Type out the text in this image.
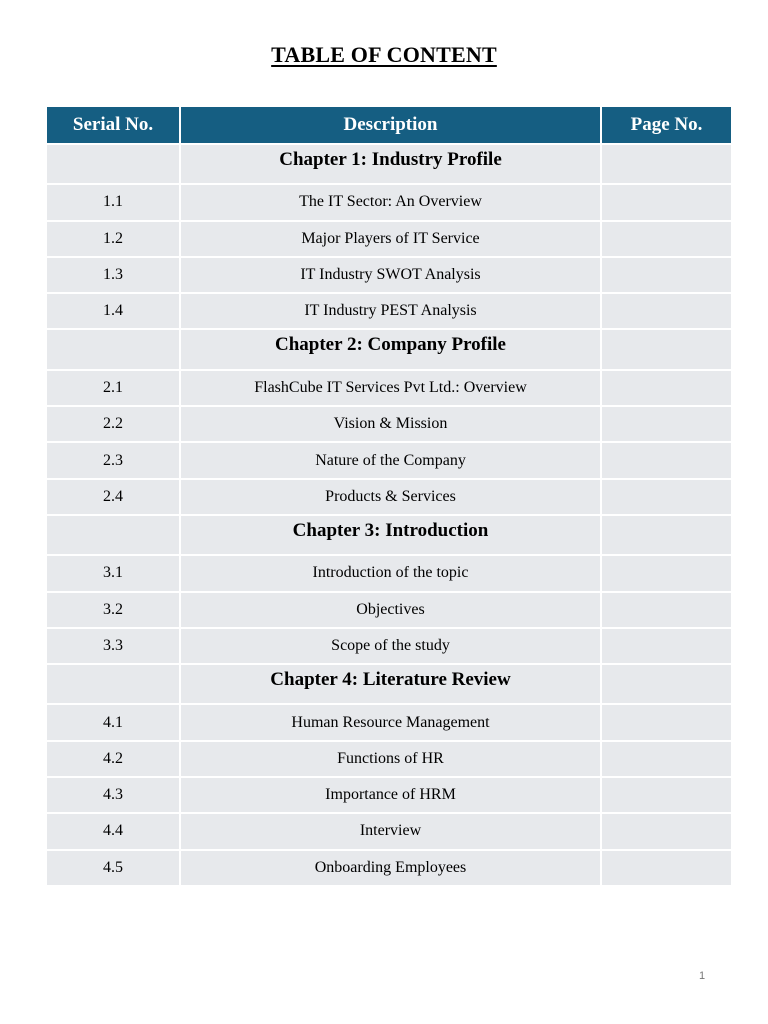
TABLE OF CONTENT
Serial No.	Description	Page No.
	Chapter 1: Industry Profile	
1.1	The IT Sector: An Overview	
1.2	Major Players of IT Service	
1.3	IT Industry SWOT Analysis	
1.4	IT Industry PEST Analysis	
	Chapter 2: Company Profile	
2.1	FlashCube IT Services Pvt Ltd.: Overview	
2.2	Vision & Mission	
2.3	Nature of the Company	
2.4	Products & Services	
	Chapter 3: Introduction	
3.1	Introduction of the topic	
3.2	Objectives	
3.3	Scope of the study	
	Chapter 4: Literature Review	
4.1	Human Resource Management	
4.2	Functions of HR	
4.3	Importance of HRM	
4.4	Interview	
4.5	Onboarding Employees	
1
